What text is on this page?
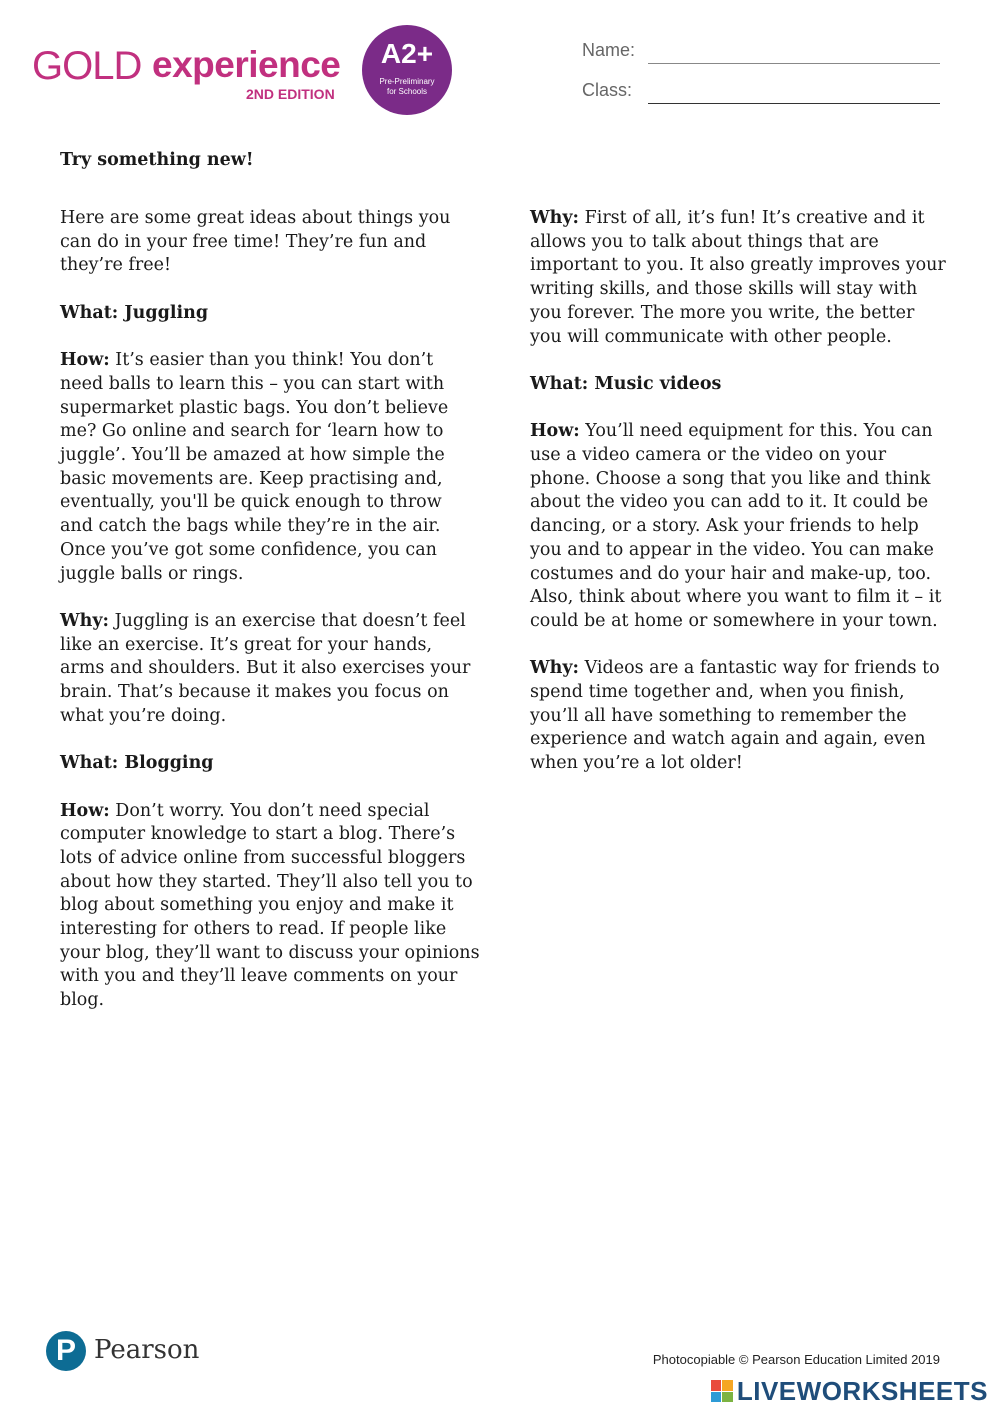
GOLD experience
2ND EDITION
A2+
Pre-Preliminary
for Schools
Name:
Class:
Try something new!

Here are some great ideas about things you can do in your free time! They’re fun and they’re free!

What: Juggling

How: It’s easier than you think! You don’t need balls to learn this – you can start with supermarket plastic bags. You don’t believe me? Go online and search for ‘learn how to juggle’. You’ll be amazed at how simple the basic movements are. Keep practising and, eventually, you'll be quick enough to throw and catch the bags while they’re in the air. Once you’ve got some confidence, you can juggle balls or rings.

Why: Juggling is an exercise that doesn’t feel like an exercise. It’s great for your hands, arms and shoulders. But it also exercises your brain. That’s because it makes you focus on what you’re doing.

What: Blogging

How: Don’t worry. You don’t need special computer knowledge to start a blog. There’s lots of advice online from successful bloggers about how they started. They’ll also tell you to blog about something you enjoy and make it interesting for others to read. If people like your blog, they’ll want to discuss your opinions with you and they’ll leave comments on your blog.

Why: First of all, it’s fun! It’s creative and it allows you to talk about things that are important to you. It also greatly improves your writing skills, and those skills will stay with you forever. The more you write, the better you will communicate with other people.

What: Music videos

How: You’ll need equipment for this. You can use a video camera or the video on your phone. Choose a song that you like and think about the video you can add to it. It could be dancing, or a story. Ask your friends to help you and to appear in the video. You can make costumes and do your hair and make-up, too. Also, think about where you want to film it – it could be at home or somewhere in your town.

Why: Videos are a fantastic way for friends to spend time together and, when you finish, you’ll all have something to remember the experience and watch again and again, even when you’re a lot older!

P Pearson	Photocopiable © Pearson Education Limited 2019
LIVEWORKSHEETS
